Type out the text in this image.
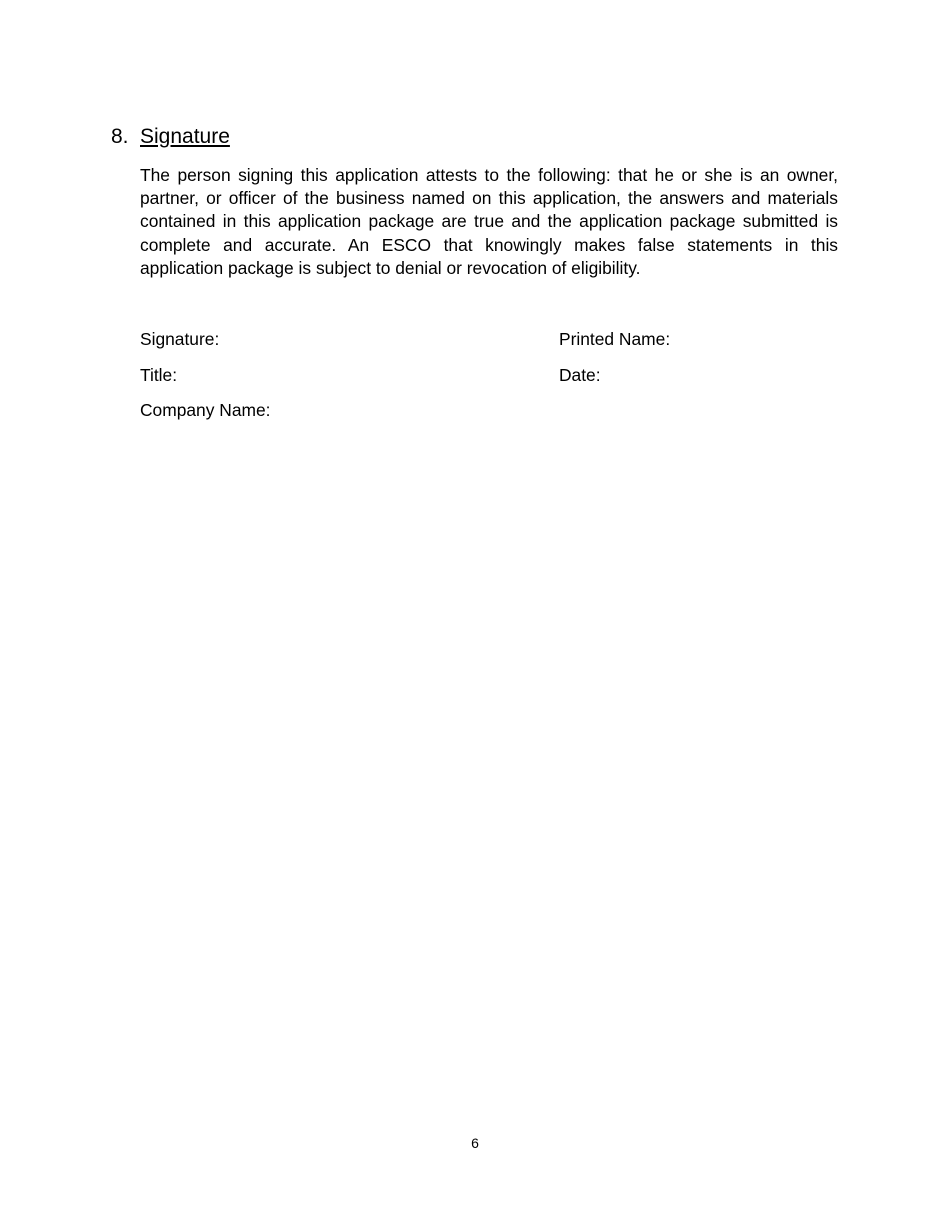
8. Signature

The person signing this application attests to the following: that he or she is an owner, partner, or officer of the business named on this application, the answers and materials contained in this application package are true and the application package submitted is complete and accurate. An ESCO that knowingly makes false statements in this application package is subject to denial or revocation of eligibility.

Signature:	Printed Name:
Title:	Date:
Company Name:
6
